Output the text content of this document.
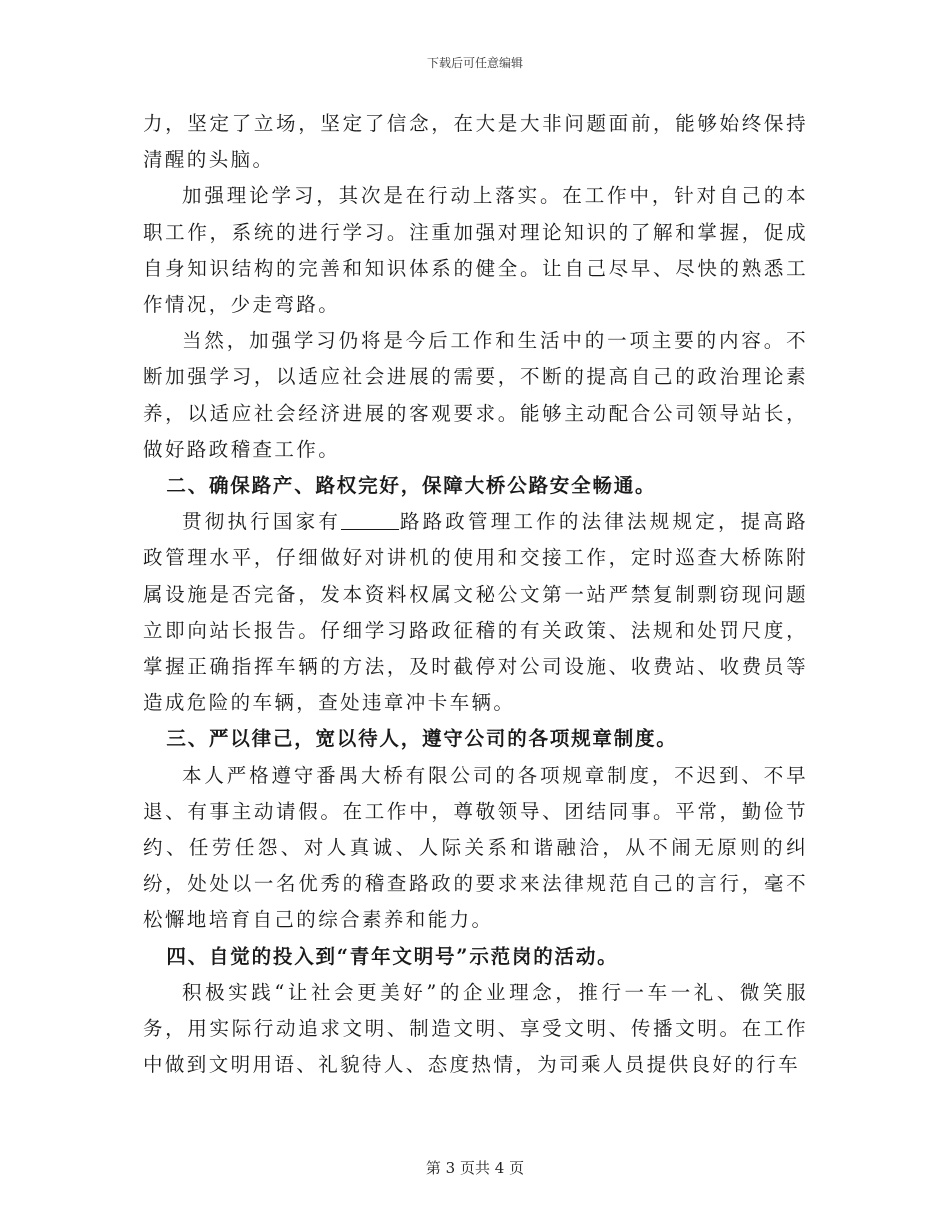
下载后可任意编辑

力，坚定了立场，坚定了信念，在大是大非问题面前，能够始终保持清醒的头脑。

加强理论学习，其次是在行动上落实。在工作中，针对自己的本职工作，系统的进行学习。注重加强对理论知识的了解和掌握，促成自身知识结构的完善和知识体系的健全。让自己尽早、尽快的熟悉工作情况，少走弯路。

当然，加强学习仍将是今后工作和生活中的一项主要的内容。不断加强学习，以适应社会进展的需要，不断的提高自己的政治理论素养，以适应社会经济进展的客观要求。能够主动配合公司领导站长，做好路政稽查工作。

二、确保路产、路权完好，保障大桥公路安全畅通。

贯彻执行国家有	路路政管理工作的法律法规规定，提高路政管理水平，仔细做好对讲机的使用和交接工作，定时巡查大桥陈附属设施是否完备，发本资料权属文秘公文第一站严禁复制剽窃现问题立即向站长报告。仔细学习路政征稽的有关政策、法规和处罚尺度，掌握正确指挥车辆的方法，及时截停对公司设施、收费站、收费员等造成危险的车辆，查处违章冲卡车辆。

三、严以律己，宽以待人，遵守公司的各项规章制度。

本人严格遵守番禺大桥有限公司的各项规章制度，不迟到、不早退、有事主动请假。在工作中，尊敬领导、团结同事。平常，勤俭节约、任劳任怨、对人真诚、人际关系和谐融洽，从不闹无原则的纠纷，处处以一名优秀的稽查路政的要求来法律规范自己的言行，毫不松懈地培育自己的综合素养和能力。

四、自觉的投入到“青年文明号”示范岗的活动。

积极实践“让社会更美好”的企业理念，推行一车一礼、微笑服务，用实际行动追求文明、制造文明、享受文明、传播文明。在工作中做到文明用语、礼貌待人、态度热情，为司乘人员提供良好的行车

第 3 页共 4 页
